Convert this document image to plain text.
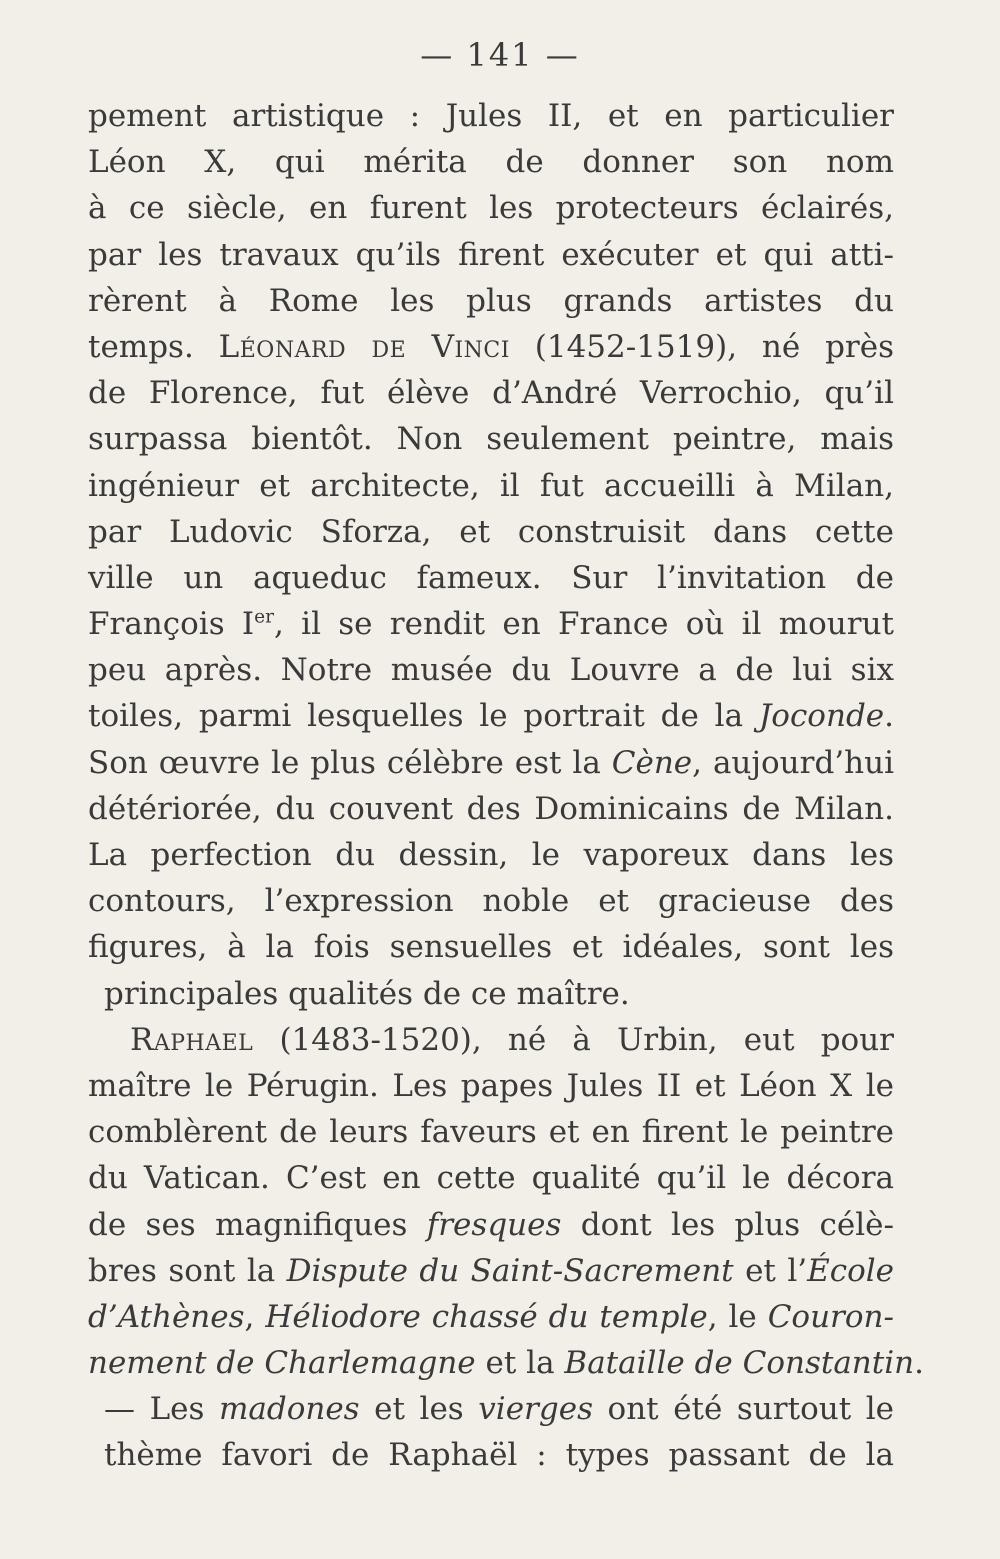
— 141 —
pement artistique : Jules II, et en particulier
Léon X, qui mérita de donner son nom
à ce siècle, en furent les protecteurs éclairés,
par les travaux qu’ils firent exécuter et qui atti-
rèrent à Rome les plus grands artistes du
temps. Léonard de Vinci (1452-1519), né près
de Florence, fut élève d’André Verrochio, qu’il
surpassa bientôt. Non seulement peintre, mais
ingénieur et architecte, il fut accueilli à Milan,
par Ludovic Sforza, et construisit dans cette
ville un aqueduc fameux. Sur l’invitation de
François Ier, il se rendit en France où il mourut
peu après. Notre musée du Louvre a de lui six
toiles, parmi lesquelles le portrait de la Joconde.
Son œuvre le plus célèbre est la Cène, aujourd’hui
détériorée, du couvent des Dominicains de Milan.
La perfection du dessin, le vaporeux dans les
contours, l’expression noble et gracieuse des
figures, à la fois sensuelles et idéales, sont les
principales qualités de ce maître.
Raphael (1483-1520), né à Urbin, eut pour
maître le Pérugin. Les papes Jules II et Léon X le
comblèrent de leurs faveurs et en firent le peintre
du Vatican. C’est en cette qualité qu’il le décora
de ses magnifiques fresques dont les plus célè-
bres sont la Dispute du Saint-Sacrement et l’École
d’Athènes, Héliodore chassé du temple, le Couron-
nement de Charlemagne et la Bataille de Constantin.
— Les madones et les vierges ont été surtout le
thème favori de Raphaël : types passant de la
